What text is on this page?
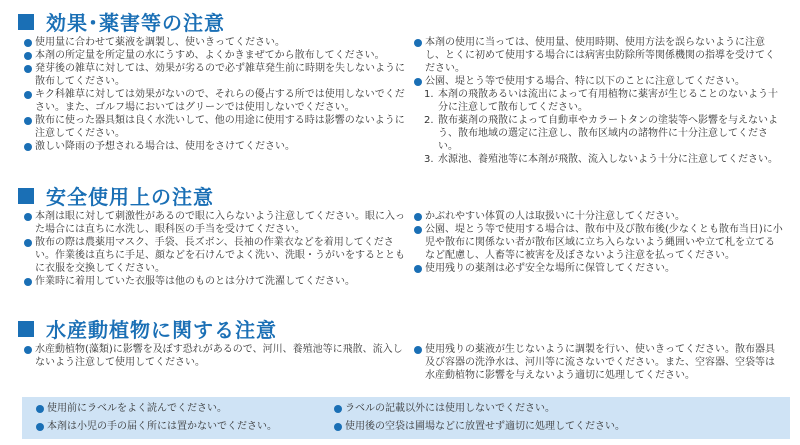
効果･薬害等の注意
使用量に合わせて薬液を調製し、使いきってください。
本剤の所定量を所定量の水にうすめ、よくかきまぜてから散布してください。
発芽後の雑草に対しては、効果が劣るので必ず雑草発生前に時期を失しないように散布してください。
キク科雑草に対しては効果がないので、それらの優占する所では使用しないでください。また、ゴルフ場においてはグリーンでは使用しないでください。
散布に使った器具類は良く水洗いして、他の用途に使用する時は影響のないように注意してください。
激しい降雨の予想される場合は、使用をさけてください。
本剤の使用に当っては、使用量、使用時期、使用方法を誤らないように注意し、とくに初めて使用する場合には病害虫防除所等関係機関の指導を受けてください。
公園、堤とう等で使用する場合、特に以下のことに注意してください。
1. 本剤の飛散あるいは流出によって有用植物に薬害が生じることのないよう十分に注意して散布してください。
2. 散布薬剤の飛散によって自動車やカラートタンの塗装等へ影響を与えないよう、散布地域の選定に注意し、散布区域内の諸物件に十分注意してください。
3. 水源池、養殖池等に本剤が飛散、流入しないよう十分に注意してください。
安全使用上の注意
本剤は眼に対して刺激性があるので眼に入らないよう注意してください。眼に入った場合には直ちに水洗し、眼科医の手当を受けてください。
散布の際は農薬用マスク、手袋、長ズボン、長袖の作業衣などを着用してください。作業後は直ちに手足、顔などを石けんでよく洗い、洗眼・うがいをするとともに衣服を交換してください。
作業時に着用していた衣服等は他のものとは分けて洗濯してください。
かぶれやすい体質の人は取扱いに十分注意してください。
公園、堤とう等で使用する場合は、散布中及び散布後(少なくとも散布当日)に小児や散布に関係ない者が散布区域に立ち入らないよう縄囲いや立て札を立てるなど配慮し、人畜等に被害を及ぼさないよう注意を払ってください。
使用残りの薬剤は必ず安全な場所に保管してください。
水産動植物に関する注意
水産動植物(藻類)に影響を及ぼす恐れがあるので、河川、養殖池等に飛散、流入しないよう注意して使用してください。
使用残りの薬液が生じないように調製を行い、使いきってください。散布器具及び容器の洗浄水は、河川等に流さないでください。また、空容器、空袋等は水産動植物に影響を与えないよう適切に処理してください。
使用前にラベルをよく読んでください。	ラベルの記載以外には使用しないでください。
本剤は小児の手の届く所には置かないでください。	使用後の空袋は圃場などに放置せず適切に処理してください。
